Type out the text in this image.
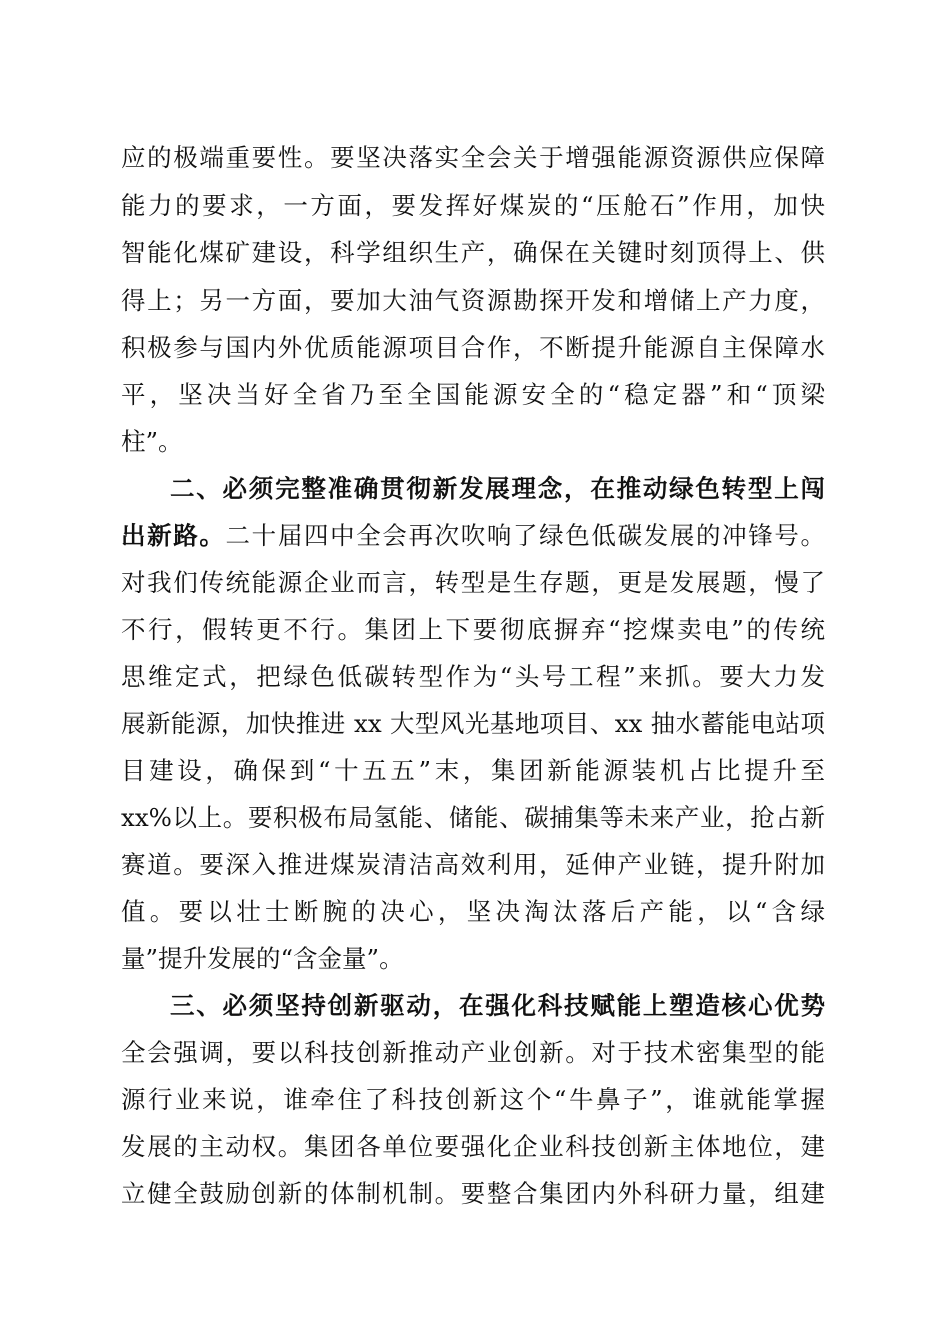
应的极端重要性。要坚决落实全会关于增强能源资源供应保障
能力的要求，一方面，要发挥好煤炭的“压舱石”作用，加快
智能化煤矿建设，科学组织生产，确保在关键时刻顶得上、供
得上；另一方面，要加大油气资源勘探开发和增储上产力度，
积极参与国内外优质能源项目合作，不断提升能源自主保障水
平，坚决当好全省乃至全国能源安全的“稳定器”和“顶梁
柱”。
二、必须完整准确贯彻新发展理念，在推动绿色转型上闯
出新路。二十届四中全会再次吹响了绿色低碳发展的冲锋号。
对我们传统能源企业而言，转型是生存题，更是发展题，慢了
不行，假转更不行。集团上下要彻底摒弃“挖煤卖电”的传统
思维定式，把绿色低碳转型作为“头号工程”来抓。要大力发
展新能源，加快推进 xx 大型风光基地项目、xx 抽水蓄能电站项
目建设，确保到“十五五”末，集团新能源装机占比提升至
xx%以上。要积极布局氢能、储能、碳捕集等未来产业，抢占新
赛道。要深入推进煤炭清洁高效利用，延伸产业链，提升附加
值。要以壮士断腕的决心，坚决淘汰落后产能，以“含绿
量”提升发展的“含金量”。
三、必须坚持创新驱动，在强化科技赋能上塑造核心优势
全会强调，要以科技创新推动产业创新。对于技术密集型的能
源行业来说，谁牵住了科技创新这个“牛鼻子”，谁就能掌握
发展的主动权。集团各单位要强化企业科技创新主体地位，建
立健全鼓励创新的体制机制。要整合集团内外科研力量，组建
